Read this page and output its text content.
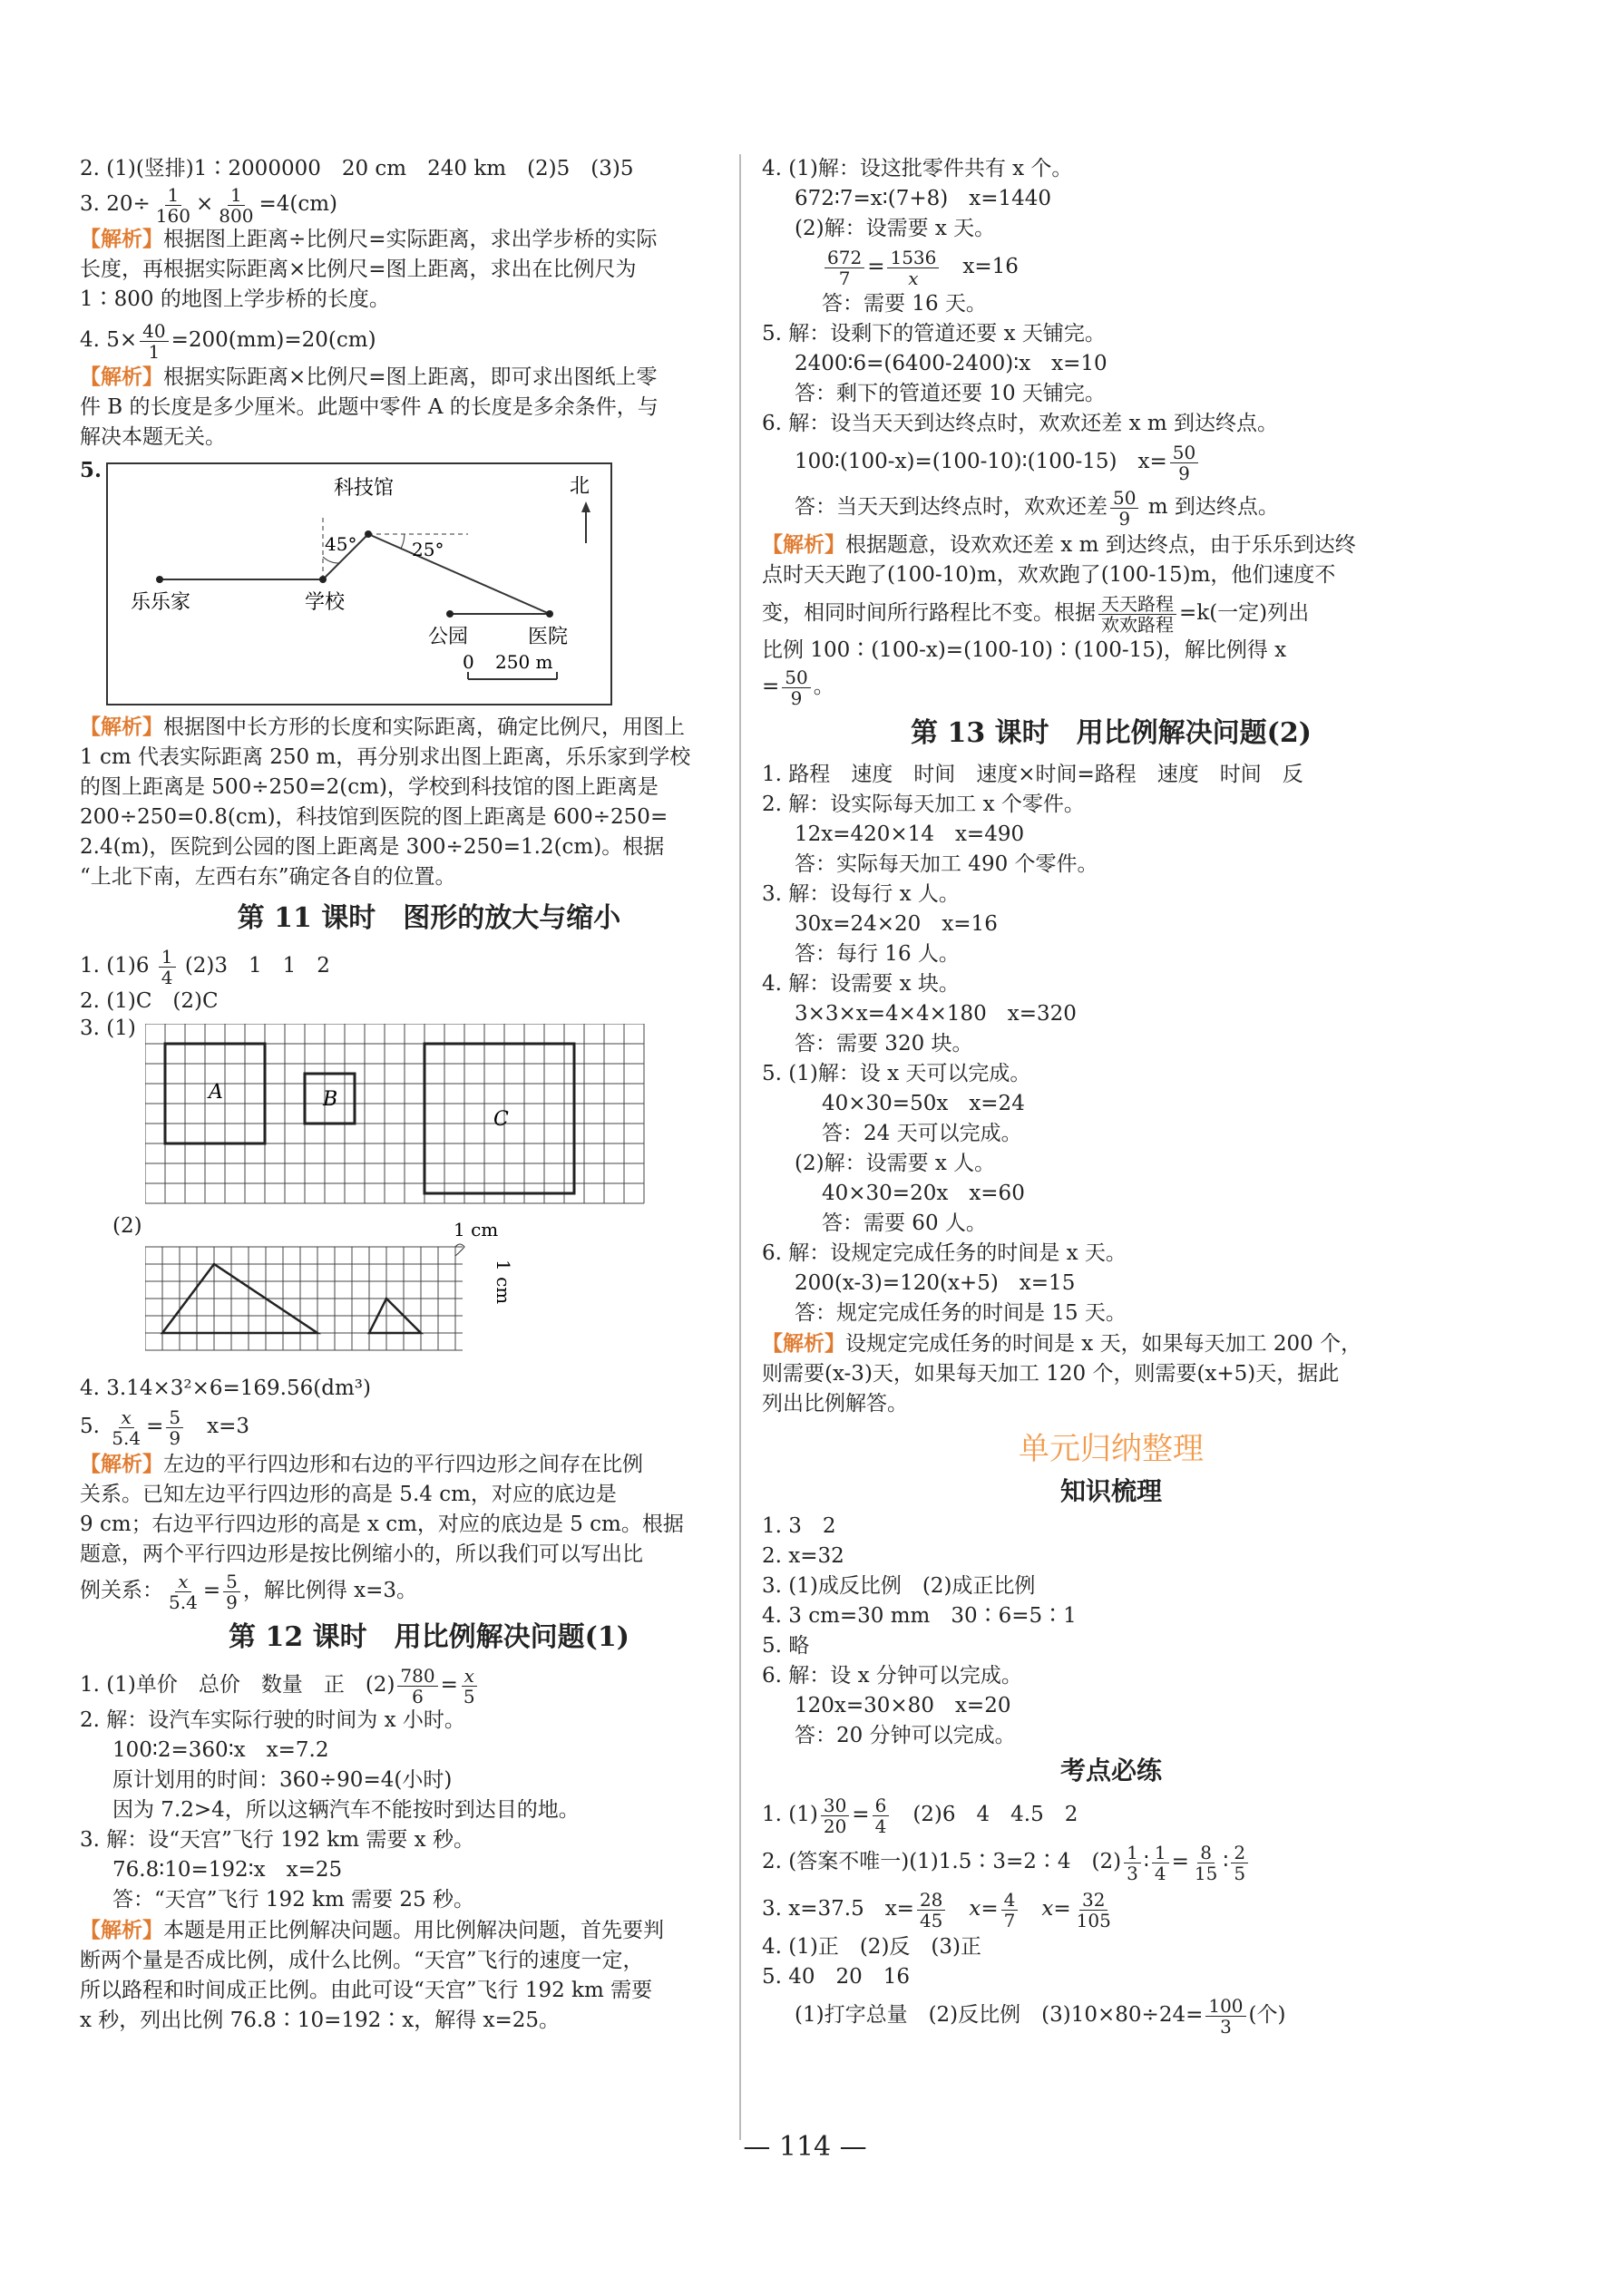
2. (1)(竖排)1∶2000000　20 cm　240 km　(2)5　(3)5
3. $20\div \frac{1}{160} \times \frac{1}{800} =4(cm)$
【解析】根据图上距离÷比例尺=实际距离，求出学步桥的实际
长度，再根据实际距离×比例尺=图上距离，求出在比例尺为
1∶800 的地图上学步桥的长度。
4. $5\times \frac{40}{1} =200(mm)=20(cm)$
【解析】根据实际距离×比例尺=图上距离，即可求出图纸上零
件 B 的长度是多少厘米。此题中零件 A 的长度是多余条件，与
解决本题无关。
5.
科技馆	北
45°	25°
乐乐家	学校
公园	医院
0 250 m
【解析】根据图中长方形的长度和实际距离，确定比例尺，用图上
1 cm 代表实际距离 250 m，再分别求出图上距离，乐乐家到学校
的图上距离是 500÷250=2(cm)，学校到科技馆的图上距离是
200÷250=0.8(cm)，科技馆到医院的图上距离是 600÷250=
2.4(m)，医院到公园的图上距离是 300÷250=1.2(cm)。根据
“上北下南，左西右东”确定各自的位置。
第 11 课时　图形的放大与缩小
1. $(1)6 \frac{1}{4} (2)3$　1　1　2
2. (1)C　(2)C
3. (1)
A	B
C
(2)	1 cm
1 cm
4. 3.14×3²×6=169.56(dm³)
5. $\frac{x}{5.4} = \frac{5}{9}$
　 x=3
【解析】左边的平行四边形和右边的平行四边形之间存在比例
关系。已知左边平行四边形的高是 5.4 cm，对应的底边是
9 cm；右边平行四边形的高是 x cm，对应的底边是 5 cm。根据
题意，两个平行四边形是按比例缩小的，所以我们可以写出比
例关系： $\frac{x}{5.4} = \frac{5}{9}$ ，解比例得 x=3。
第 12 课时　用比例解决问题(1)
1. (1)单价　总价　数量　正　$(2) \frac{780}{6} = \frac{x}{5}$
2. 解：设汽车实际行驶的时间为 x 小时。
100∶2=360∶x　x=7.2
原计划用的时间：360÷90=4(小时)
因为 7.2>4，所以这辆汽车不能按时到达目的地。
3. 解：设“天宫”飞行 192 km 需要 x 秒。
76.8∶10=192∶x　x=25
答：“天宫”飞行 192 km 需要 25 秒。
【解析】本题是用正比例解决问题。用比例解决问题，首先要判
断两个量是否成比例，成什么比例。“天宫”飞行的速度一定，
所以路程和时间成正比例。由此可设“天宫”飞行 192 km 需要
x 秒，列出比例 76.8∶10=192∶x，解得 x=25。
4. (1)解：设这批零件共有 x 个。
672∶7=x∶(7+8)　x=1440
(2)解：设需要 x 天。
$\frac{672}{7} = \frac{1536}{x}$
　 x=16
答：需要 16 天。
5. 解：设剩下的管道还要 x 天铺完。
2400∶6=(6400-2400)∶x　x=10
答：剩下的管道还要 10 天铺完。
6. 解：设当天天到达终点时，欢欢还差 x m 到达终点。
100∶(100-x)=(100-10)∶(100-15)　$x= \frac{50}{9}$
答：当天天到达终点时，欢欢还差 $\frac{50}{9}$ m 到达终点。
【解析】根据题意，设欢欢还差 x m 到达终点，由于乐乐到达终
点时天天跑了(100-10)m，欢欢跑了(100-15)m，他们速度不
变，相同时间所行路程比不变。根据 $\frac{\text{天天路程}}{\text{欢欢路程}} =k$(一定)列出
比例 100∶(100-x)=(100-10)∶(100-15)，解比例得 x
= $\frac{50}{9}$ 。
第 13 课时　用比例解决问题(2)
1. 路程　速度　时间　速度×时间=路程　速度　时间　反
2. 解：设实际每天加工 x 个零件。
12x=420×14　x=490
答：实际每天加工 490 个零件。
3. 解：设每行 x 人。
30x=24×20　x=16
答：每行 16 人。
4. 解：设需要 x 块。
3×3×x=4×4×180　x=320
答：需要 320 块。
5. (1)解：设 x 天可以完成。
40×30=50x　x=24
答：24 天可以完成。
(2)解：设需要 x 人。
40×30=20x　x=60
答：需要 60 人。
6. 解：设规定完成任务的时间是 x 天。
200(x-3)=120(x+5)　x=15
答：规定完成任务的时间是 15 天。
【解析】设规定完成任务的时间是 x 天，如果每天加工 200 个，
则需要(x-3)天，如果每天加工 120 个，则需要(x+5)天，据此
列出比例解答。
单元归纳整理
知识梳理
1. 3　2
2. x=32
3. (1)成反比例　(2)成正比例
4. 3 cm=30 mm　30∶6=5∶1
5. 略
6. 解：设 x 分钟可以完成。
120x=30×80　x=20
答：20 分钟可以完成。
考点必练
1. $(1) \frac{30}{20} = \frac{6}{4}$
　 (2)6　4　4.5　2
2. (答案不唯一)(1)1.5∶3=2∶4　$(2) \frac{1}{3}$ ∶ $\frac{1}{4} = \frac{8}{15}$ ∶ $\frac{2}{5}$
3. x=37.5　$x= \frac{28}{45}$
　 $x= \frac{4}{7}$
　 $x= \frac{32}{105}$
4. (1)正　(2)反　(3)正
5. 40　20　16
(1)打字总量　(2)反比例　$(3)10\times 80\div 24= \frac{100}{3}$ (个)
— 114 —
